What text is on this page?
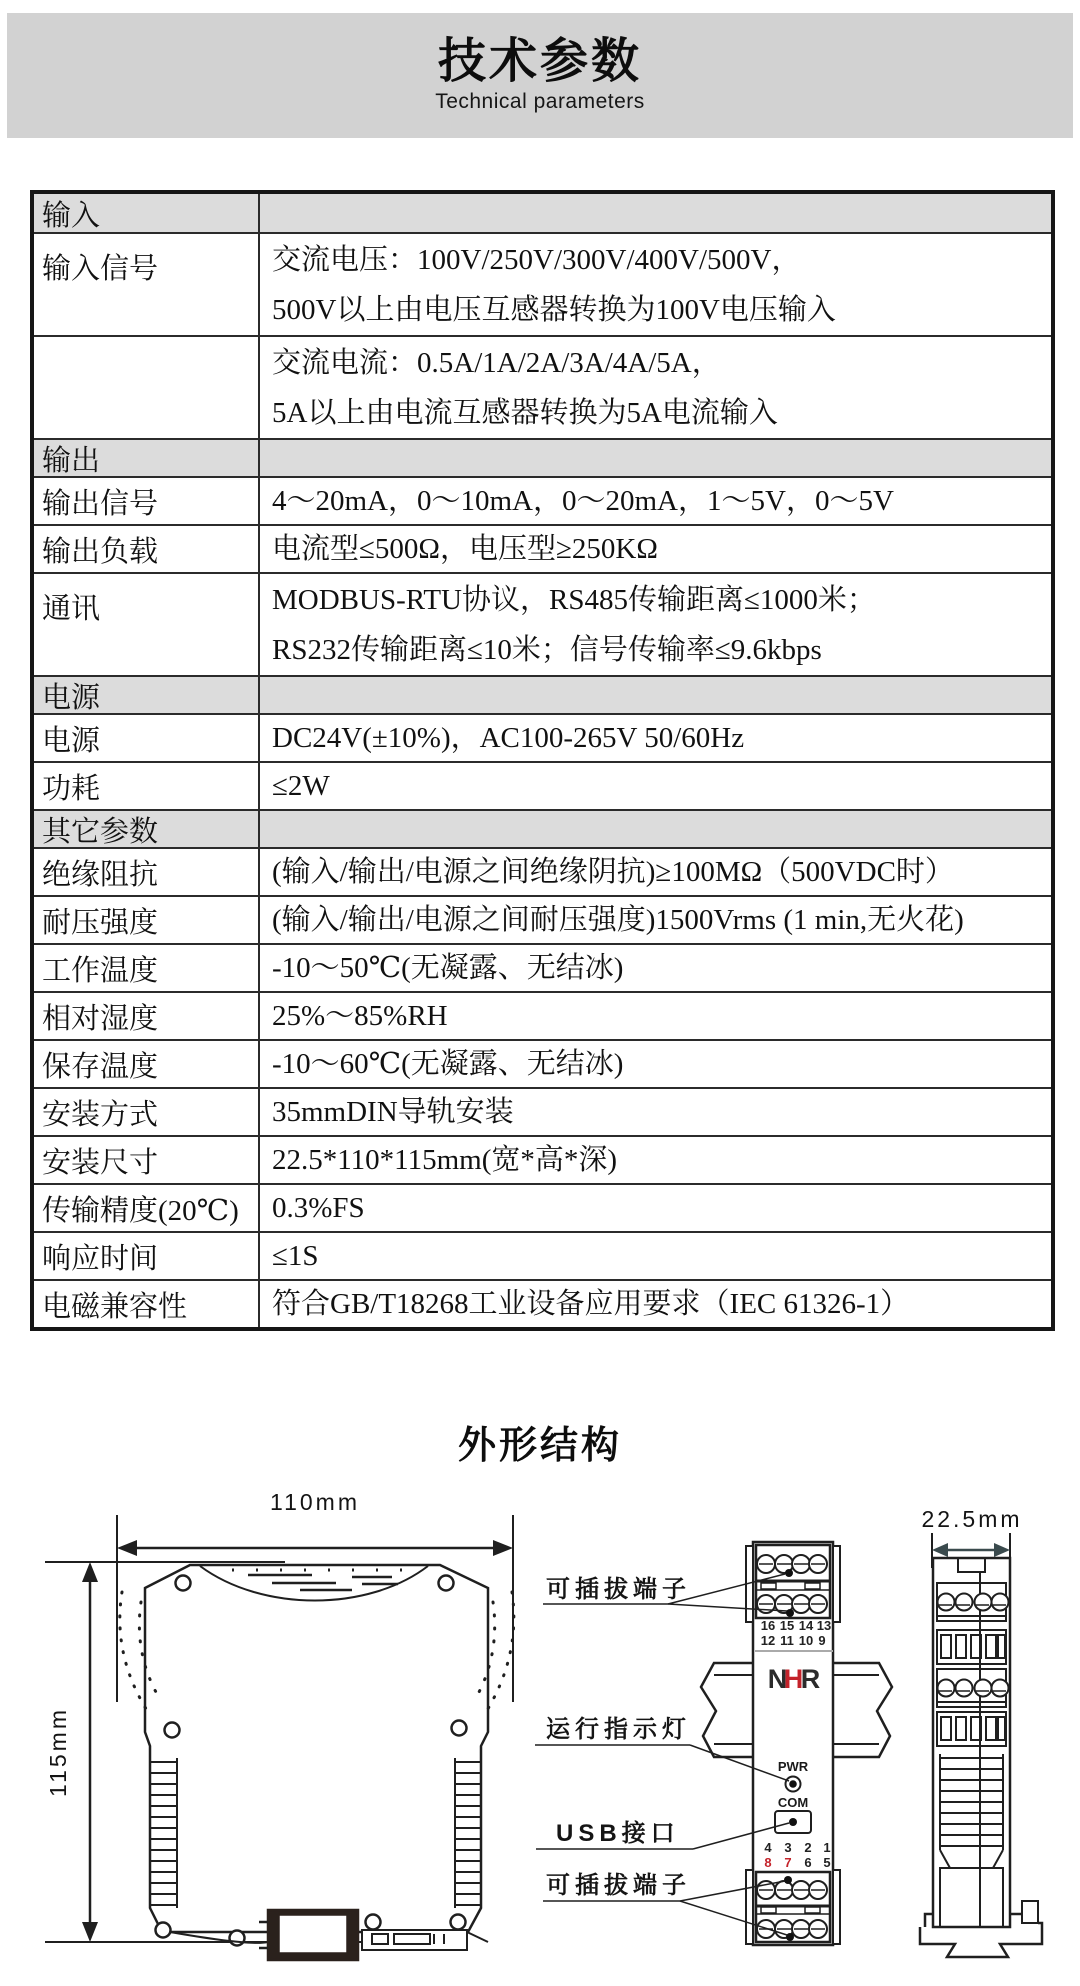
技术参数
Technical parameters
输入
输入信号	交流电压：100V/250V/300V/400V/500V，
500V以上由电压互感器转换为100V电压输入
交流电流：0.5A/1A/2A/3A/4A/5A，
5A以上由电流互感器转换为5A电流输入
输出
输出信号	4～20mA，0～10mA，0～20mA，1～5V，0～5V
输出负载	电流型≤500Ω，电压型≥250KΩ
通讯	MODBUS-RTU协议，RS485传输距离≤1000米；
RS232传输距离≤10米；信号传输率≤9.6kbps
电源
电源	DC24V(±10%)，AC100-265V 50/60Hz
功耗	≤2W
其它参数
绝缘阻抗	(输入/输出/电源之间绝缘阴抗)≥100MΩ（500VDC时）
耐压强度	(输入/输出/电源之间耐压强度)1500Vrms (1 min,无火花)
工作温度	-10～50℃(无凝露、无结冰)
相对湿度	25%～85%RH
保存温度	-10～60℃(无凝露、无结冰)
安装方式	35mmDIN导轨安装
安装尺寸	22.5*110*115mm(宽*高*深)
传输精度(20℃)	0.3%FS
响应时间	≤1S
电磁兼容性	符合GB/T18268工业设备应用要求（IEC 61326-1）
外形结构
110mm
115mm
16 15 14 13
12 11 10 9
N
H
R
PWR
COM
4 3 2 1
8 7 6 5
可插拔端子
运行指示灯
USB接口
可插拔端子
22.5mm
